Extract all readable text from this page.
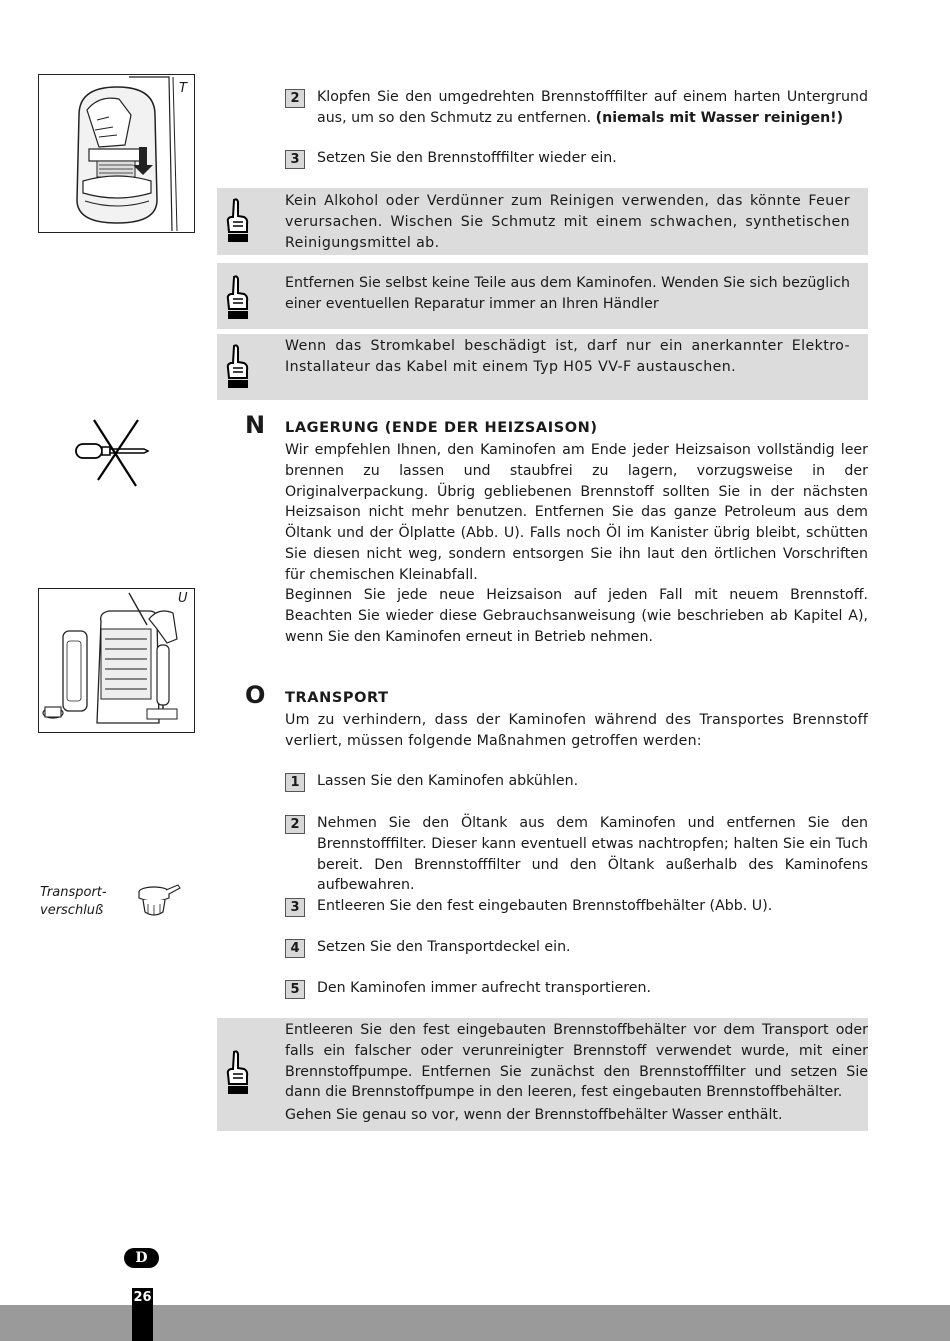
T
2	Klopfen Sie den umgedrehten Brennstofffilter auf einem harten Untergrund aus, um so den Schmutz zu entfernen. (niemals mit Wasser reinigen!)
3	Setzen Sie den Brennstofffilter wieder ein.
Kein Alkohol oder Verdünner zum Reinigen verwenden, das könnte Feuer verursachen. Wischen Sie Schmutz mit einem schwachen, synthetischen Reinigungsmittel ab.
Entfernen Sie selbst keine Teile aus dem Kaminofen. Wenden Sie sich bezüglich einer eventuellen Reparatur immer an Ihren Händler
Wenn das Stromkabel beschädigt ist, darf nur ein anerkannter Elektro-Installateur das Kabel mit einem Typ H05 VV-F austauschen.
N LAGERUNG (ENDE DER HEIZSAISON)
Wir empfehlen Ihnen, den Kaminofen am Ende jeder Heizsaison vollständig leer brennen zu lassen und staubfrei zu lagern, vorzugsweise in der Originalverpackung. Übrig gebliebenen Brennstoff sollten Sie in der nächsten Heizsaison nicht mehr benutzen. Entfernen Sie das ganze Petroleum aus dem Öltank und der Ölplatte (Abb. U). Falls noch Öl im Kanister übrig bleibt, schütten Sie diesen nicht weg, sondern entsorgen Sie ihn laut den örtlichen Vorschriften für chemischen Kleinabfall.
Beginnen Sie jede neue Heizsaison auf jeden Fall mit neuem Brennstoff. Beachten Sie wieder diese Gebrauchsanweisung (wie beschrieben ab Kapitel A), wenn Sie den Kaminofen erneut in Betrieb nehmen.
U
O TRANSPORT
Um zu verhindern, dass der Kaminofen während des Transportes Brennstoff verliert, müssen folgende Maßnahmen getroffen werden:
1	Lassen Sie den Kaminofen abkühlen.
2	Nehmen Sie den Öltank aus dem Kaminofen und entfernen Sie den Brennstofffilter. Dieser kann eventuell etwas nachtropfen; halten Sie ein Tuch bereit. Den Brennstofffilter und den Öltank außerhalb des Kaminofens aufbewahren.
3	Entleeren Sie den fest eingebauten Brennstoffbehälter (Abb. U).
4	Setzen Sie den Transportdeckel ein.
5	Den Kaminofen immer aufrecht transportieren.
Transport-
verschluß
Entleeren Sie den fest eingebauten Brennstoffbehälter vor dem Transport oder falls ein falscher oder verunreinigter Brennstoff verwendet wurde, mit einer Brennstoffpumpe. Entfernen Sie zunächst den Brennstofffilter und setzen Sie dann die Brennstoffpumpe in den leeren, fest eingebauten Brennstoffbehälter.
Gehen Sie genau so vor, wenn der Brennstoffbehälter Wasser enthält.
D
26
